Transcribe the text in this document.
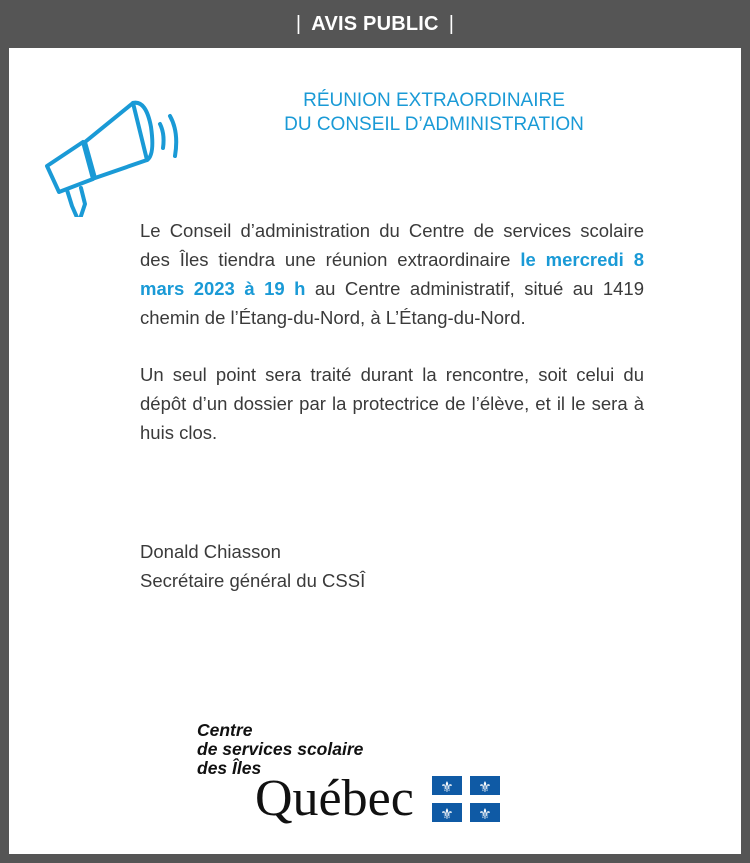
| AVIS PUBLIC |
RÉUNION EXTRAORDINAIRE
DU CONSEIL D’ADMINISTRATION

Le Conseil d’administration du Centre de services scolaire des Îles tiendra une réunion extraordinaire le mercredi 8 mars 2023 à 19 h au Centre administratif, situé au 1419 chemin de l’Étang-du-Nord, à L’Étang-du-Nord.

Un seul point sera traité durant la rencontre, soit celui du dépôt d’un dossier par la protectrice de l’élève, et il le sera à huis clos.

Donald Chiasson
Secrétaire général du CSSÎ
Centre
de services scolaire
des Îles
Québec ⚜ ⚜
⚜ ⚜
